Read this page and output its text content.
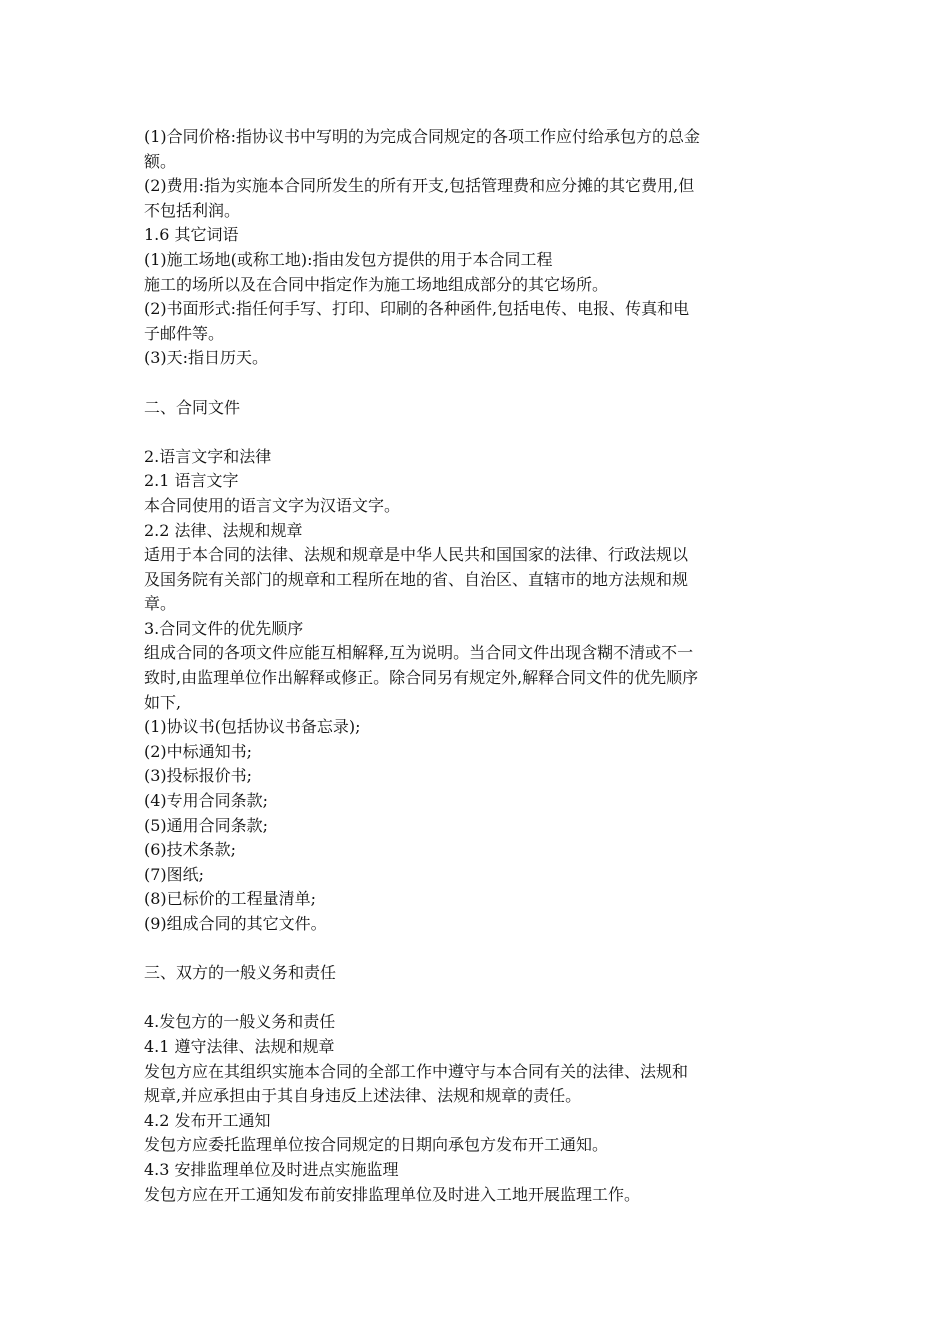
(1)合同价格:指协议书中写明的为完成合同规定的各项工作应付给承包方的总金
额。
(2)费用:指为实施本合同所发生的所有开支,包括管理费和应分摊的其它费用,但
不包括利润。
1.6 其它词语
(1)施工场地(或称工地):指由发包方提供的用于本合同工程
施工的场所以及在合同中指定作为施工场地组成部分的其它场所。
(2)书面形式:指任何手写、打印、印刷的各种函件,包括电传、电报、传真和电
子邮件等。
(3)天:指日历天。
二、合同文件
2.语言文字和法律
2.1 语言文字
本合同使用的语言文字为汉语文字。
2.2 法律、法规和规章
适用于本合同的法律、法规和规章是中华人民共和国国家的法律、行政法规以
及国务院有关部门的规章和工程所在地的省、自治区、直辖市的地方法规和规
章。
3.合同文件的优先顺序
组成合同的各项文件应能互相解释,互为说明。当合同文件出现含糊不清或不一
致时,由监理单位作出解释或修正。除合同另有规定外,解释合同文件的优先顺序
如下,
(1)协议书(包括协议书备忘录);
(2)中标通知书;
(3)投标报价书;
(4)专用合同条款;
(5)通用合同条款;
(6)技术条款;
(7)图纸;
(8)已标价的工程量清单;
(9)组成合同的其它文件。
三、双方的一般义务和责任
4.发包方的一般义务和责任
4.1 遵守法律、法规和规章
发包方应在其组织实施本合同的全部工作中遵守与本合同有关的法律、法规和
规章,并应承担由于其自身违反上述法律、法规和规章的责任。
4.2 发布开工通知
发包方应委托监理单位按合同规定的日期向承包方发布开工通知。
4.3 安排监理单位及时进点实施监理
发包方应在开工通知发布前安排监理单位及时进入工地开展监理工作。
